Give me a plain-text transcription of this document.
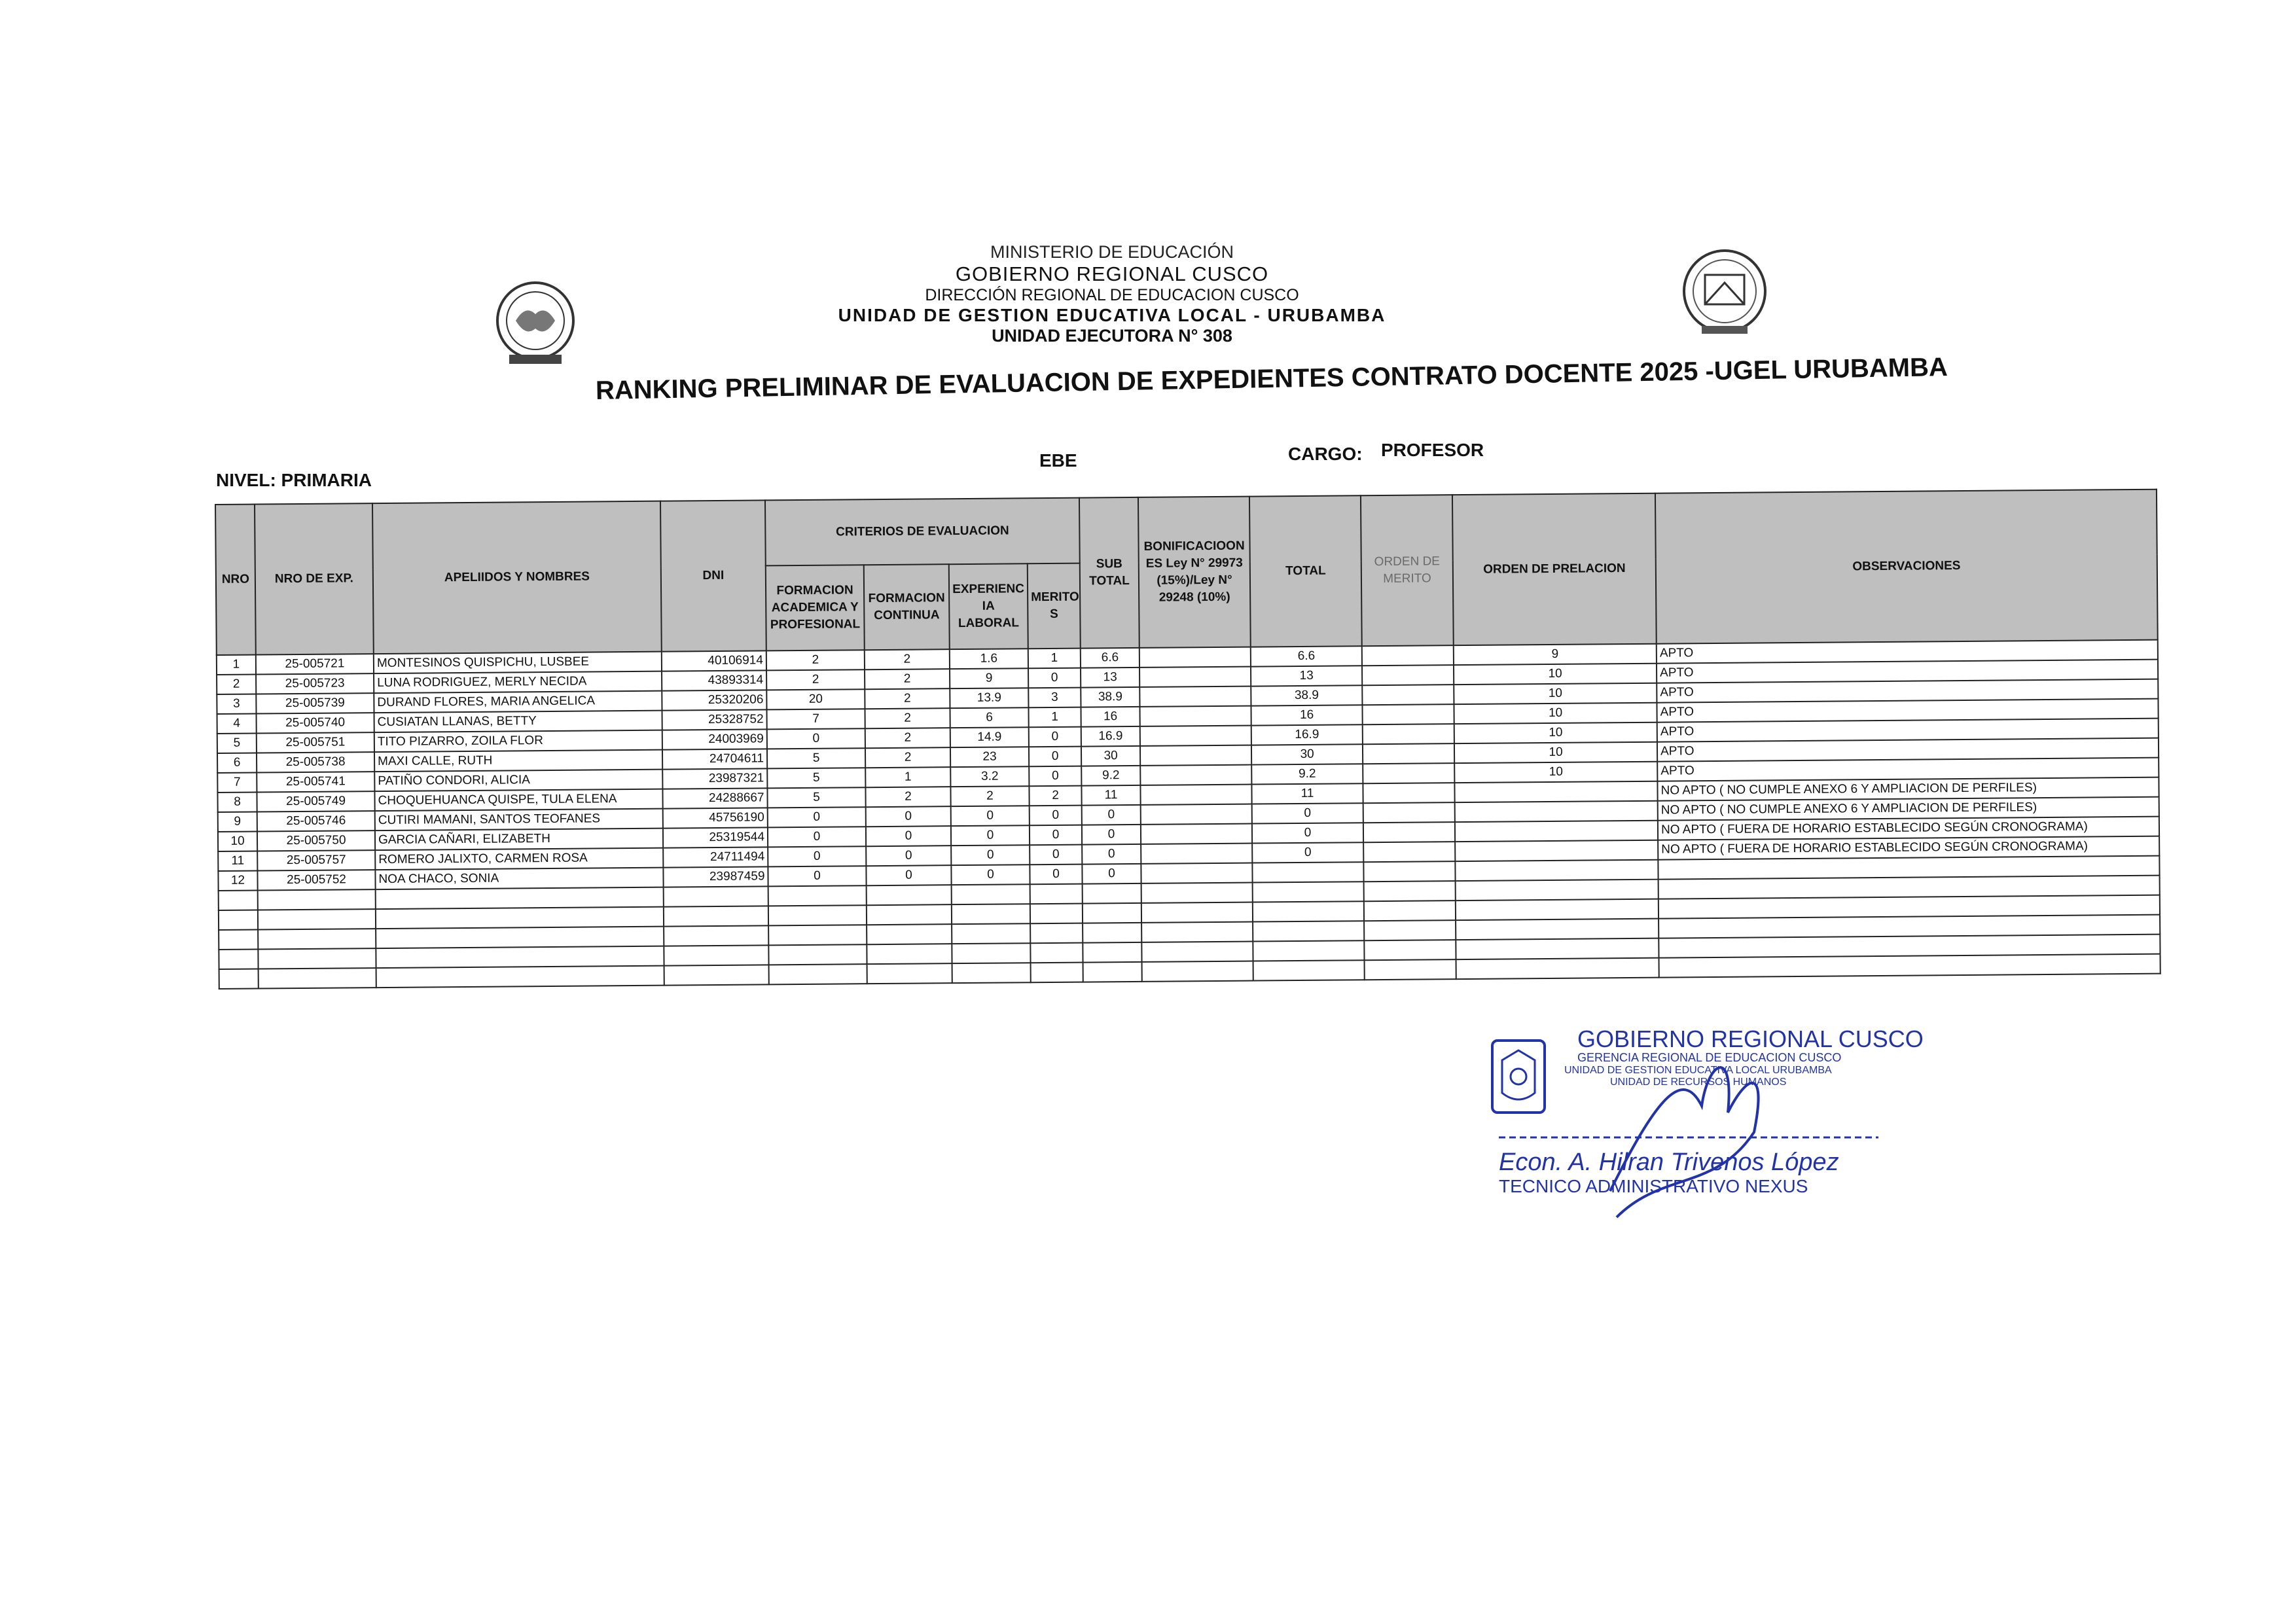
MINISTERIO DE EDUCACIÓN
GOBIERNO REGIONAL CUSCO
DIRECCIÓN REGIONAL DE EDUCACION CUSCO
UNIDAD DE GESTION EDUCATIVA LOCAL - URUBAMBA
UNIDAD EJECUTORA N° 308
RANKING PRELIMINAR DE EVALUACION DE EXPEDIENTES CONTRATO DOCENTE 2025 -UGEL URUBAMBA
NIVEL: PRIMARIA
EBE	CARGO: PROFESOR
NRO	NRO DE EXP.	APELIIDOS Y NOMBRES	DNI	CRITERIOS DE EVALUACION				SUB TOTAL	BONIFICACIOON ES Ley N° 29973 (15%)/Ley N° 29248 (10%)	TOTAL	ORDEN DE MERITO	ORDEN DE PRELACION	OBSERVACIONES
				FORMACION ACADEMICA Y PROFESIONAL	FORMACION CONTINUA	EXPERIENC IA LABORAL	MERITO S						
1	25-005721	MONTESINOS QUISPICHU, LUSBEE	40106914	2	2	1.6	1	6.6		6.6		9	APTO
2	25-005723	LUNA RODRIGUEZ, MERLY NECIDA	43893314	2	2	9	0	13		13		10	APTO
3	25-005739	DURAND FLORES, MARIA ANGELICA	25320206	20	2	13.9	3	38.9		38.9		10	APTO
4	25-005740	CUSIATAN LLANAS, BETTY	25328752	7	2	6	1	16		16		10	APTO
5	25-005751	TITO PIZARRO, ZOILA FLOR	24003969	0	2	14.9	0	16.9		16.9		10	APTO
6	25-005738	MAXI CALLE, RUTH	24704611	5	2	23	0	30		30		10	APTO
7	25-005741	PATIÑO CONDORI, ALICIA	23987321	5	1	3.2	0	9.2		9.2		10	APTO
8	25-005749	CHOQUEHUANCA QUISPE, TULA ELENA	24288667	5	2	2	2	11		11			NO APTO ( NO CUMPLE ANEXO 6 Y AMPLIACION DE PERFILES)
9	25-005746	CUTIRI MAMANI, SANTOS TEOFANES	45756190	0	0	0	0	0		0			NO APTO ( NO CUMPLE ANEXO 6 Y AMPLIACION DE PERFILES)
10	25-005750	GARCIA CAÑARI, ELIZABETH	25319544	0	0	0	0	0		0			NO APTO ( FUERA DE HORARIO ESTABLECIDO SEGÚN CRONOGRAMA)
11	25-005757	ROMERO JALIXTO, CARMEN ROSA	24711494	0	0	0	0	0		0			NO APTO ( FUERA DE HORARIO ESTABLECIDO SEGÚN CRONOGRAMA)
12	25-005752	NOA CHACO, SONIA	23987459	0	0	0	0	0					

GOBIERNO REGIONAL CUSCO
GERENCIA REGIONAL DE EDUCACION CUSCO
UNIDAD DE GESTION EDUCATIVA LOCAL URUBAMBA
UNIDAD DE RECURSOS HUMANOS
Econ. A. Hilran Trivenos López
TECNICO ADMINISTRATIVO NEXUS
